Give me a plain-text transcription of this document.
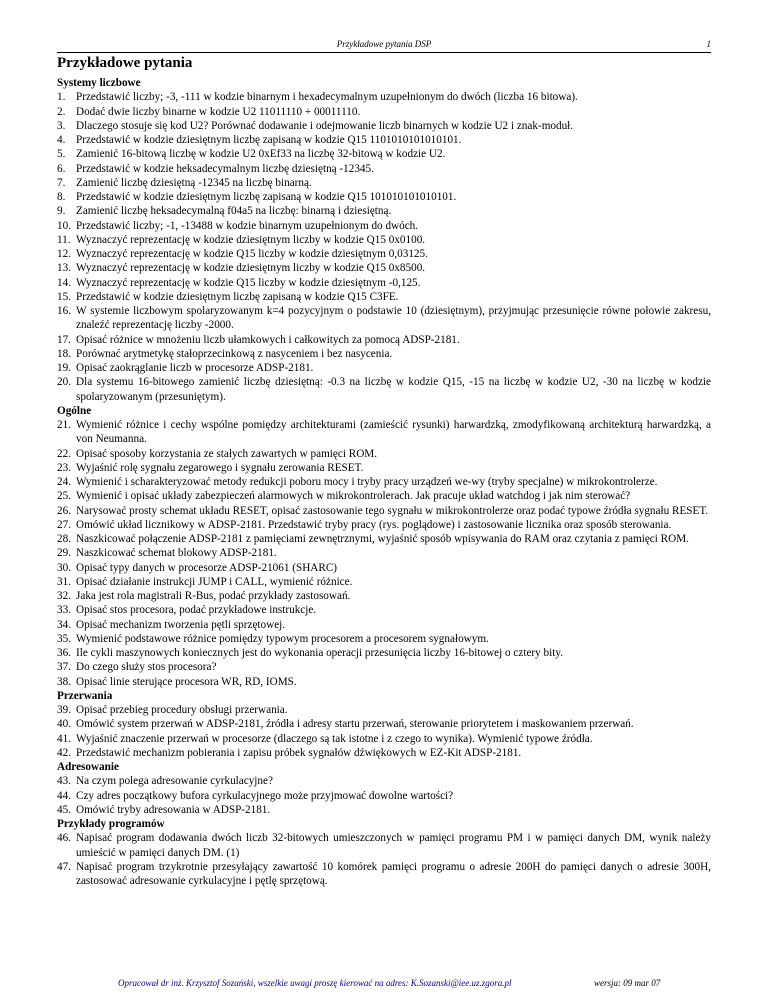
Przykładowe pytania DSP	1
Przykładowe pytania
Systemy liczbowe
1. Przedstawić liczby; -3, -111 w kodzie binarnym i hexadecymalnym uzupełnionym do dwóch (liczba 16 bitowa).
2. Dodać dwie liczby binarne w kodzie U2 11011110 + 00011110.
3. Dlaczego stosuje się kod U2? Porównać dodawanie i odejmowanie liczb binarnych w kodzie U2 i znak-moduł.
4. Przedstawić w kodzie dziesiętnym liczbę zapisaną w kodzie Q15 1101010101010101.
5. Zamienić 16-bitową liczbę w kodzie U2 0xEf33 na liczbę 32-bitową w kodzie U2.
6. Przedstawić w kodzie heksadecymalnym liczbę dziesiętną -12345.
7. Zamienić liczbę dziesiętną -12345 na liczbę binarną.
8. Przedstawić w kodzie dziesiętnym liczbę zapisaną w kodzie Q15 101010101010101.
9. Zamienić liczbę heksadecymalną f04a5 na liczbę: binarną i dziesiętną.
10. Przedstawić liczby; -1, -13488 w kodzie binarnym uzupełnionym do dwóch.
11. Wyznaczyć reprezentację w kodzie dziesiętnym liczby w kodzie Q15 0x0100.
12. Wyznaczyć reprezentację w kodzie Q15 liczby w kodzie dziesiętnym 0,03125.
13. Wyznaczyć reprezentację w kodzie dziesiętnym liczby w kodzie Q15 0x8500.
14. Wyznaczyć reprezentację w kodzie Q15 liczby w kodzie dziesiętnym -0,125.
15. Przedstawić w kodzie dziesiętnym liczbę zapisaną w kodzie Q15 C3FE.
16. W systemie liczbowym spolaryzowanym k=4 pozycyjnym o podstawie 10 (dziesiętnym), przyjmując przesunięcie równe połowie zakresu, znaleźć reprezentację liczby -2000.
17. Opisać różnice w mnożeniu liczb ułamkowych i całkowitych za pomocą ADSP-2181.
18. Porównać arytmetykę stałoprzecinkową z nasyceniem i bez nasycenia.
19. Opisać zaokrąglanie liczb w procesorze ADSP-2181.
20. Dla systemu 16-bitowego zamienić liczbę dziesiętną: -0.3 na liczbę w kodzie Q15, -15 na liczbę w kodzie U2, -30 na liczbę w kodzie spolaryzowanym (przesuniętym).
Ogólne
21. Wymienić różnice i cechy wspólne pomiędzy architekturami (zamieścić rysunki) harwardzką, zmodyfikowaną architekturą harwardzką, a von Neumanna.
22. Opisać sposoby korzystania ze stałych zawartych w pamięci ROM.
23. Wyjaśnić rolę sygnału zegarowego i sygnału zerowania RESET.
24. Wymienić i scharakteryzować metody redukcji poboru mocy i tryby pracy urządzeń we-wy (tryby specjalne) w mikrokontrolerze.
25. Wymienić i opisać układy zabezpieczeń alarmowych w mikrokontrolerach. Jak pracuje układ watchdog i jak nim sterować?
26. Narysować prosty schemat układu RESET, opisać zastosowanie tego sygnału w mikrokontrolerze oraz podać typowe źródła sygnału RESET.
27. Omówić układ licznikowy w ADSP-2181. Przedstawić tryby pracy (rys. poglądowe) i zastosowanie licznika oraz sposób sterowania.
28. Naszkicować połączenie ADSP-2181 z pamięciami zewnętrznymi, wyjaśnić sposób wpisywania do RAM oraz czytania z pamięci ROM.
29. Naszkicować schemat blokowy ADSP-2181.
30. Opisać typy danych w procesorze ADSP-21061 (SHARC)
31. Opisać działanie instrukcji JUMP i CALL, wymienić różnice.
32. Jaka jest rola magistrali R-Bus, podać przykłady zastosowań.
33. Opisać stos procesora, podać przykładowe instrukcje.
34. Opisać mechanizm tworzenia pętli sprzętowej.
35. Wymienić podstawowe różnice pomiędzy typowym procesorem a procesorem sygnałowym.
36. Ile cykli maszynowych koniecznych jest do wykonania operacji przesunięcia liczby 16-bitowej o cztery bity.
37. Do czego służy stos procesora?
38. Opisać linie sterujące procesora WR, RD, IOMS.
Przerwania
39. Opisać przebieg procedury obsługi przerwania.
40. Omówić system przerwań w ADSP-2181, źródła i adresy startu przerwań, sterowanie priorytetem i maskowaniem przerwań.
41. Wyjaśnić znaczenie przerwań w procesorze (dlaczego są tak istotne i z czego to wynika). Wymienić typowe źródła.
42. Przedstawić mechanizm pobierania i zapisu próbek sygnałów dźwiękowych w EZ-Kit ADSP-2181.
Adresowanie
43. Na czym polega adresowanie cyrkulacyjne?
44. Czy adres początkowy bufora cyrkulacyjnego może przyjmować dowolne wartości?
45. Omówić tryby adresowania w ADSP-2181.
Przykłady programów
46. Napisać program dodawania dwóch liczb 32-bitowych umieszczonych w pamięci programu PM i w pamięci danych DM, wynik należy umieścić w pamięci danych DM. (1)
47. Napisać program trzykrotnie przesyłający zawartość 10 komórek pamięci programu o adresie 200H do pamięci danych o adresie 300H, zastosować adresowanie cyrkulacyjne i pętlę sprzętową.
Opracował dr inż. Krzysztof Sozański, wszelkie uwagi proszę kierować na adres: K.Sozanski@iee.uz.zgora.pl	wersja: 09 mar 07
